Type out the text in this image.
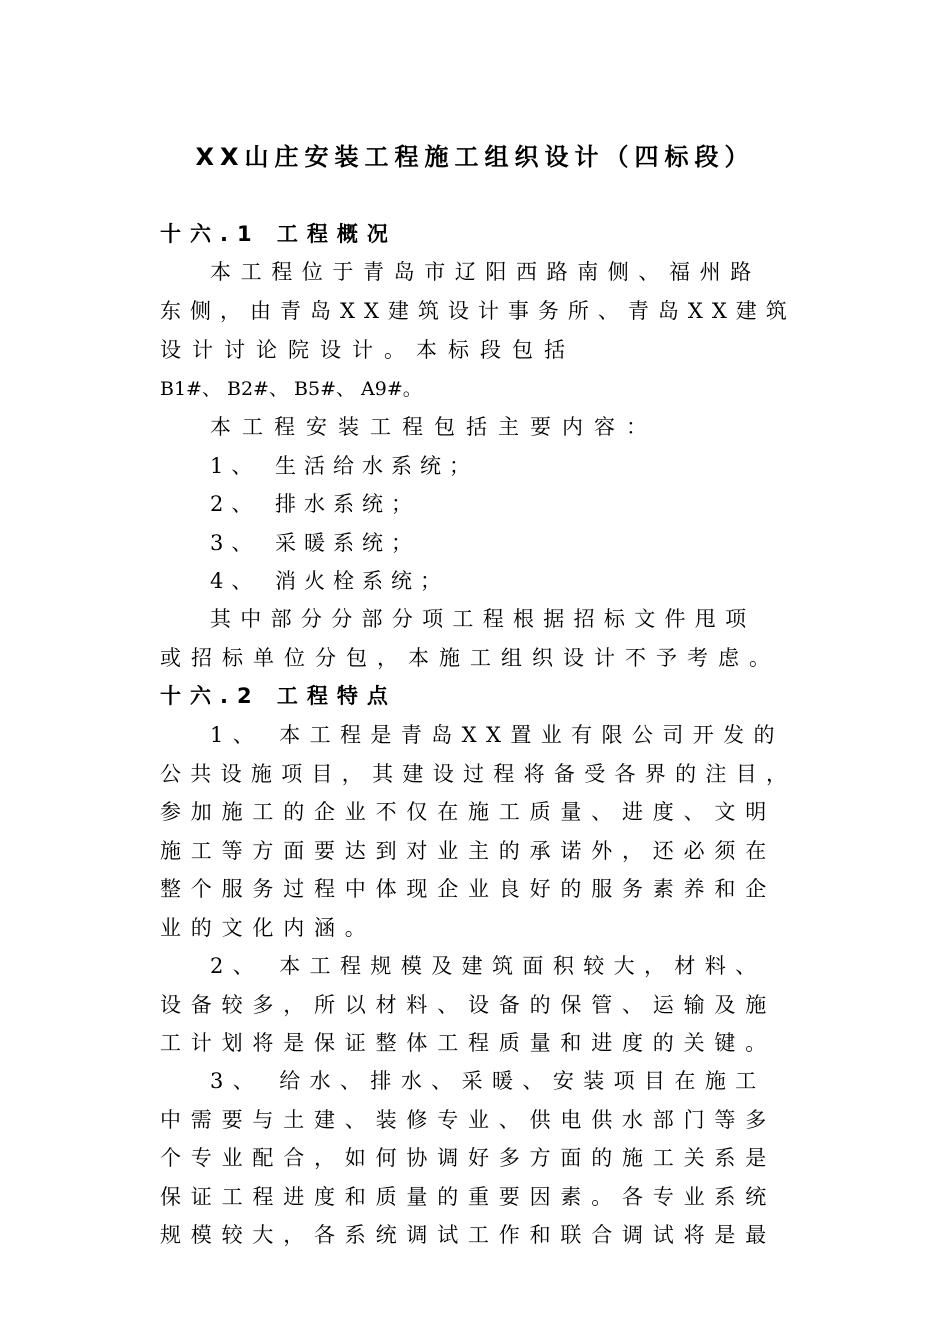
XX山庄安装工程施工组织设计（四标段）
十六.1 工程概况
本工程位于青岛市辽阳西路南侧、福州路
东侧，由青岛XX建筑设计事务所、青岛XX建筑
设计讨论院设计。本标段包括
B1#、 B2#、 B5#、 A9#。
本工程安装工程包括主要内容：
1、 生活给水系统；
2、 排水系统；
3、 采暖系统；
4、 消火栓系统；
其中部分分部分项工程根据招标文件甩项
或招标单位分包，本施工组织设计不予考虑。
十六.2 工程特点
1、 本工程是青岛XX置业有限公司开发的
公共设施项目，其建设过程将备受各界的注目，
参加施工的企业不仅在施工质量、进度、文明
施工等方面要达到对业主的承诺外，还必须在
整个服务过程中体现企业良好的服务素养和企
业的文化内涵。
2、 本工程规模及建筑面积较大，材料、
设备较多，所以材料、设备的保管、运输及施
工计划将是保证整体工程质量和进度的关键。
3、 给水、排水、采暖、安装项目在施工
中需要与土建、装修专业、供电供水部门等多
个专业配合，如何协调好多方面的施工关系是
保证工程进度和质量的重要因素。各专业系统
规模较大，各系统调试工作和联合调试将是最
